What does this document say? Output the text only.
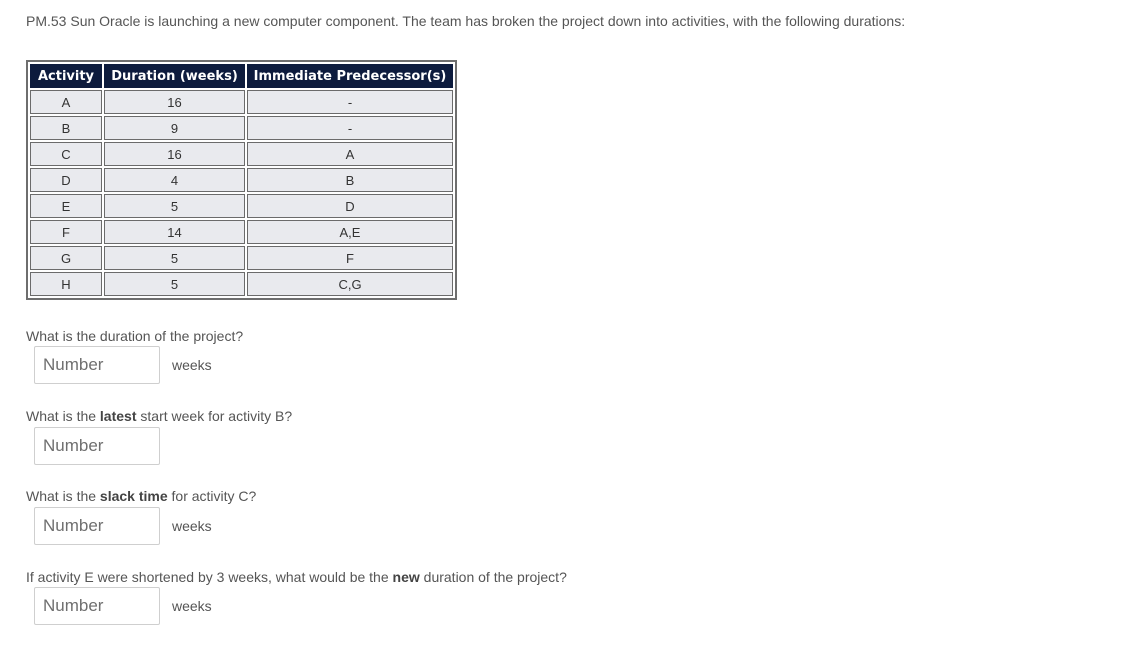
PM.53 Sun Oracle is launching a new computer component. The team has broken the project down into activities, with the following durations:
Activity	Duration (weeks)	Immediate Predecessor(s)
A	16	-
B	9	-
C	16	A
D	4	B
E	5	D
F	14	A,E
G	5	F
H	5	C,G
What is the duration of the project?
Number
weeks
What is the latest start week for activity B?
Number
What is the slack time for activity C?
Number
weeks
If activity E were shortened by 3 weeks, what would be the new duration of the project?
Number
weeks
